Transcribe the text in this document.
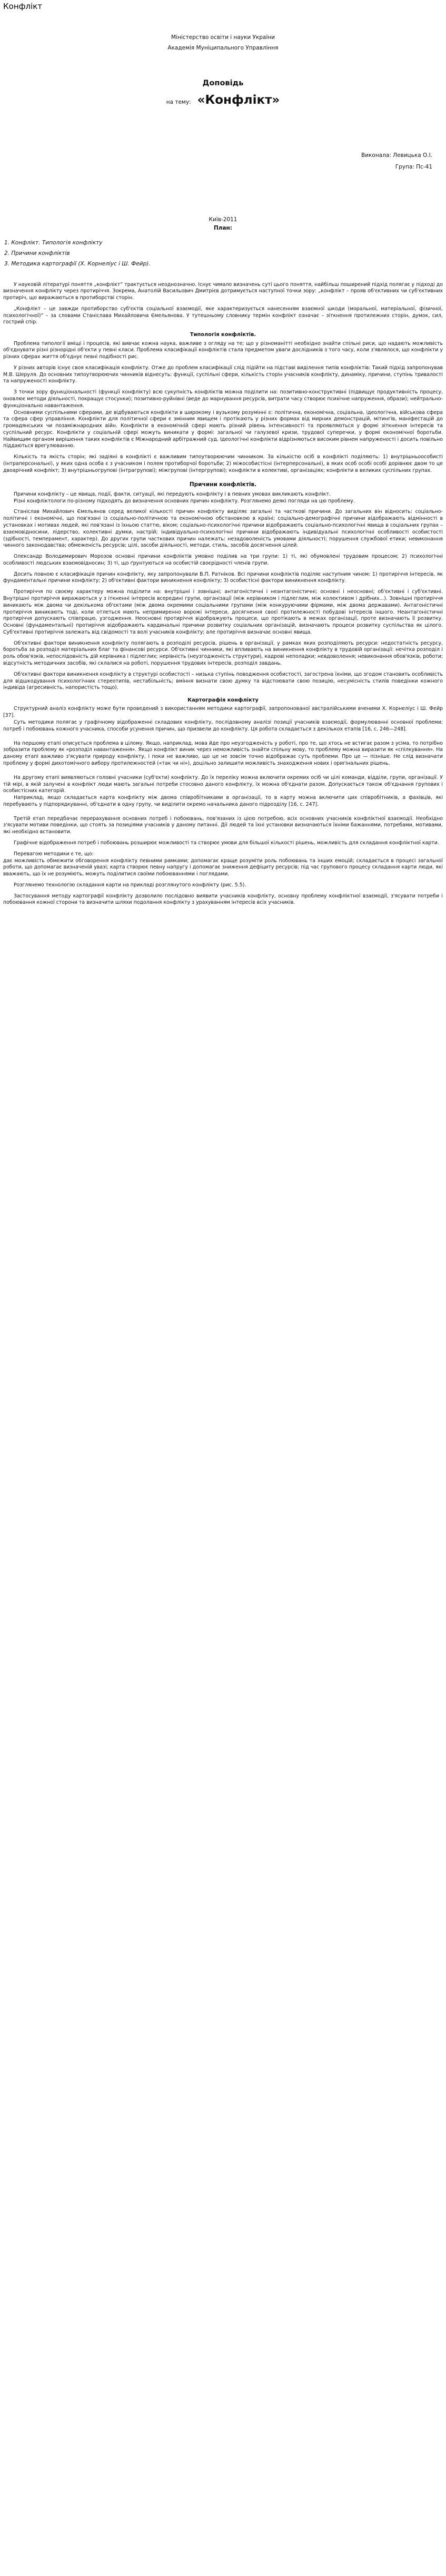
Конфлікт
Міністерство освіти і науки України
Академія Муніципального Управління
Доповідь
на тему: «Конфлікт»
Виконала: Левицька О.І.
Група: Пс-41
Київ-2011
План:
1. Конфлікт. Типологія конфлікту
2. Причини конфліктів
3. Методика картографії (Х. Корнеліус і Ш. Фейр).

У науковій літературі поняття „конфлікт” трактується неоднозначно. Існує чимало визначень суті цього поняття, найбільш поширений підхід полягає у підході до визначення конфлікту через протиріччя. Зокрема, Анатолій Васильович Дмитрієв дотримується наступної точки зору: „конфлікт – прояв об'єктивних чи суб'єктивних протиріч, що виражаються в протиборстві сторін.

„Конфлікт – це завжди протиборство суб'єктів соціальної взаємодії, яке характеризується нанесенням взаємної шкоди (моральної, матеріальної, фізичної, психологічної)” – за словами Станіслава Михайловича Ємельянова. У тутешньому словнику термін конфлікт означає – зіткнення протилежних сторін, думок, сил, гострий спір.

Типологія конфліктів.

Проблема типології вміщі і процесів, які вивчає кожна наука, важливе з огляду на те; що у різноманітті необхідно знайти спільні риси, що надають можливість об'єднувати різні різнорідні об'єкти у певні класи. Проблема класифікації конфліктів стала предметом уваги дослідників з того часу, коли з'являлося, що конфлікти у різних сферах життя об'єднує певні подібності рис.

У різних авторів існує своя класифікація конфлікту. Отже до проблем класифікації слід підійти на підставі виділення типів конфліктів: Такий підхід запропонував М.В. Шеруля. До основних типоутворюючих чинників віднесуть: функції, суспільні сфери, кількість сторін учасників конфлікту, динаміку, причини, ступінь тривалості та напруженості конфлікту.

З точки зору функціональності (функції конфлікту) всю сукупність конфліктів можна поділити на: позитивно-конструктивні (підвищує продуктивність процесу, оновлює методи діяльності, покращує стосунки); позитивно-руйнівні (веде до марнування ресурсів, витрати часу створює психічне напруження, образи); нейтрально-функціонально навантаження.

Основними суспільними сферами, де відбуваються конфлікти в широкому і вузькому розумінні є: політична, економічна, соціальна, ідеологічна, військова сфера та сфера сфер управління. Конфлікти для політичної сфери є змінним явищем і протікають у різних формах від мирних демонстрацій, мітингів, маніфестацій до громадянських чи позаміжнародних війн. Конфлікти в економічній сфері мають різний рівень інтенсивності та проявляються у формі зіткнення інтересів та суспільний ресурс. Конфлікти у соціальній сфері можуть виникати у формі: загальної чи галузевої кризи, трудової суперечки, у формі економічної боротьби. Найвищим органом вирішення таких конфліктів є Міжнародний арбітражний суд. Ідеологічні конфлікти відрізняються високим рівнем напруженості і досить повільно піддаються врегулюванню.

Кількість та якість сторін; які задіяні в конфлікті є важливим типоутворюючим чинником. За кількістю осіб в конфлікті поділяють: 1) внутрішньоособисті (інтраперсональні), у яких одна особа є з учасником і полем протиборчої боротьби; 2) міжособистісні (інтерперсональні), в яких особ особі особі дорівнює двом то це двоарічний конфлікт; 3) внутрішньогрупові (інтрагрупові); міжгрупові (інтергрупові); конфлікти в колективі, організаціях; конфлікти в великих суспільних групах.

Причини конфліктів.

Причини конфлікту – це явища, події, факти, ситуації, які передують конфлікту і в певних умовах викликають конфлікт.

Різні конфліктологи по-різному підходять до визначення основних причин конфлікту. Розглянемо деякі погляди на цю проблему.

Станіслав Михайлович Ємельянов серед великої кількості причин конфлікту виділяє загальні та часткові причини. До загальних він відносить: соціально-політичні і економічні, що пов'язані із соціально-політичною та економічною обстановкою в країні; соціально-демографічні причини відображають відмінності в установках і мотивах людей, які пов'язані із їхньою статтю, віком; соціально-психологічні причини відображають соціально-психологічні явища в соціальних групах – взаємовідносини, лідерство, колективні думки, настрій; індивідуально-психологічні причини відображають індивідуальні психологічні особливості особистості (здібності, темперамент, характер). До других групи часткових причин належать: незадоволеність умовами діяльності; порушення службової етики; невиконання чинного законодавства; обмеженість ресурсів; цілі, засоби діяльності, методи, стиль, засобів досягнення цілей.

Олександр Володимирович Морозов основні причини конфліктів умовно поділив на три групи: 1) ті, які обумовлені трудовим процесом; 2) психологічні особливості людських взаємовідносин; 3) ті, що ґрунтуються на особистій своєрідності членів групи.

Досить повною є класифікація причин конфлікту, яку запропонували В.П. Ратніков. Всі причини конфліктів поділяє наступним чином: 1) протиріччя інтересів, як фундаментальні причини конфлікту; 2) об'єктивні фактори виникнення конфлікту; 3) особистісні фактори виникнення конфлікту.

Протиріччя по своєму характеру можна поділити на: внутрішні і зовнішні; антагоністичні і неантагоністичні; основні і неосновні; об'єктивні і суб'єктивні. Внутрішні протиріччя виражаються у з іткненні інтересів всередині групи, організації (між керівником і підлеглим, між колективом і дрібних...). Зовнішні протиріччя виникають між двома чи декількома об'єктами (між двома окремими соціальними групами (між конкуруючими фірмами, між двома державами). Антагоністичні протиріччя виникають тоді, коли отлеться мають непримиренно ворожі інтереси, досягнення своєї протилежності побудові інтересів іншого. Неантагоністичні протиріччя допускають співпрацю, узгодження. Неосновні протиріччя відображують процеси, що протікають в межах організації, проте визначають її розвитку. Основні (фундаментальні) протиріччя відображають кардинальні причини розвитку соціальних організацій, визначають процеси розвитку суспільства як цілого. Суб'єктивні протиріччя залежать від свідомості та волі учасників конфлікту; але протиріччя визначає основні явища.

Об'єктивні фактори виникнення конфлікту полягають в розподілі ресурсів, рішень в організації, у рамках яких розподіляють ресурси: недостатність ресурсу, боротьба за розподіл матеріальних благ та фінансові ресурси. Об'єктивні чинники, які впливають на виникнення конфлікту в трудовій організації: нечітка розподіл і роль обов'язків, непослідовність дій керівника і підлеглих; нерівність (неузгодженість структури), кадрові неполадки; невдоволення; невиконання обов'язків, роботи; відсутність методичних засобів, які склалися на роботі, порушення трудових інтересів, розподіл завдань.

Об'єктивні фактори виникнення конфлікту в структурі особистості – низька ступінь поводження особистості, загострена їхніми, що згодом становить особливість для відшкодування психологічних стереотипів, нестабільність; вміння визнати свою думку та відстоювати свою позицію, несумісність стилів поведінки кожного індивіда (агресивність, напористість тощо).

Картографія конфлікту

Структурний аналіз конфлікту може бути проведений з використанням методики картографії, запропонованої австралійськими вченими Х. Корнеліус і Ш. Фейр [37].

Суть методики полягає у графічному відображенні складових конфлікту, послідовному аналізі позиції учасників взаємодії, формулюванні основної проблеми; потреб і побоювань кожного учасника, способи усунення причин, що призвели до конфлікту. Ця робота складається з декількох етапів [16, с. 246—248].

На першому етапі описується проблема в цілому. Якщо, наприклад, мова йде про неузгодженість у роботі, про те, що хтось не встигає разом з усіма, то потрібно зобразити проблему як «розподіл навантаження». Якщо конфлікт виник через неможливість знайти спільну мову, то проблему можна виразити як «спілкування». На даному етапі важливо з'ясувати природу конфлікту, і поки не важливо, що це не зовсім точно відображає суть проблеми. Про це — пізніше. Не слід визначати проблему у формі дихотомічного вибору протилежностей («так чи ні»), доцільно залишити можливість знаходження нових і оригінальних рішень.

На другому етапі виявляються головні учасники (суб'єкти) конфлікту. До їх переліку можна включити окремих осіб чи цілі команди, відділи, групи, організації. У тій мірі, в якій залучені в конфлікт люди мають загальні потреби стосовно даного конфлікту, їх можна об'єднати разом. Допускається також об'єднання групових і особистісних категорій.

Наприклад, якщо складається карта конфлікту між двома співробітниками в організації, то в карту можна включити цих співробітників, а фахівців, які перебувають у підпорядкуванні, об'єднати в одну групу, чи виділити окремо начальника даного підрозділу [16, с. 247].

Третій етап передбачає перерахування основних потреб і побоювань, пов'язаних із цією потребою, всіх основних учасників конфліктної взаємодії. Необхідно з'ясувати мотиви поведінки, що стоять за позиціями учасників у даному питанні. Дії людей та їхні установки визначаються їхніми бажаннями, потребами, мотивами, які необхідно встановити.

Графічне відображення потреб і побоювань розширює можливості та створює умови для більшої кількості рішень, можливість для складання конфліктної карти.

Перевагою методики є те, що:

дає можливість обмежити обговорення конфлікту певними рамками; допомагає краще розуміти роль побоювань та інших емоцій; складається в процесі загальної роботи, що допомагає визначеній увазі; карта створює певну напругу і допомагає зниження дефіциту ресурсів; під час групового процесу складання карти люди, які вважають, що їх не розуміють, можуть поділитися своїми побоюваннями і поглядами.

Розглянемо технологію складання карти на прикладі розглянутого конфлікту (рис. 5.5).

Застосування методу картографії конфлікту дозволило послідовно виявити учасників конфлікту, основну проблему конфліктної взаємодії, з'ясувати потреби і побоювання кожної сторони та визначити шляхи подолання конфлікту з урахуванням інтересів всіх учасників.
